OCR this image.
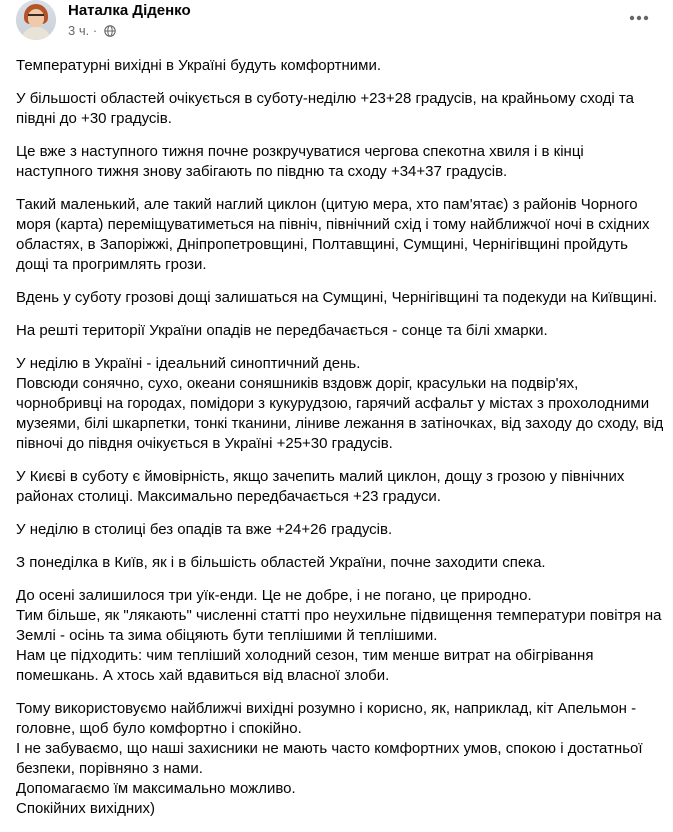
Наталка Діденко
3 ч. ·
Температурні вихідні в Україні будуть комфортними.
У більшості областей очікується в суботу-неділю +23+28 градусів, на крайньому сході та
півдні до +30 градусів.
Це вже з наступного тижня почне розкручуватися чергова спекотна хвиля і в кінці
наступного тижня знову забігають по півдню та сходу +34+37 градусів.
Такий маленький, але такий наглий циклон (цитую мера, хто пам'ятає) з районів Чорного
моря (карта) переміщуватиметься на північ, північний схід і тому найближчої ночі в східних
областях, в Запоріжжі, Дніпропетровщині, Полтавщині, Сумщині, Чернігівщині пройдуть
дощі та прогримлять грози.
Вдень у суботу грозові дощі залишаться на Сумщині, Чернігівщині та подекуди на Київщині.
На решті території України опадів не передбачається - сонце та білі хмарки.
У неділю в Україні - ідеальний синоптичний день.
Повсюди сонячно, сухо, океани соняшників вздовж доріг, красульки на подвір'ях,
чорнобривці на городах, помідори з кукурудзою, гарячий асфальт у містах з прохолодними
музеями, білі шкарпетки, тонкі тканини, ліниве лежання в затіночках, від заходу до сходу, від
півночі до півдня очікується в Україні +25+30 градусів.
У Києві в суботу є ймовірність, якщо зачепить малий циклон, дощу з грозою у північних
районах столиці. Максимально передбачається +23 градуси.
У неділю в столиці без опадів та вже +24+26 градусів.
З понеділка в Київ, як і в більшість областей України, почне заходити спека.
До осені залишилося три уїк-енди. Це не добре, і не погано, це природно.
Тим більше, як "лякають" численні статті про неухильне підвищення температури повітря на
Землі - осінь та зима обіцяють бути теплішими й теплішими.
Нам це підходить: чим тепліший холодний сезон, тим менше витрат на обігрівання
помешкань. А хтось хай вдавиться від власної злоби.
Тому використовуємо найближчі вихідні розумно і корисно, як, наприклад, кіт Апельмон -
головне, щоб було комфортно і спокійно.
І не забуваємо, що наші захисники не мають часто комфортних умов, спокою і достатньої
безпеки, порівняно з нами.
Допомагаємо їм максимально можливо.
Спокійних вихідних)
